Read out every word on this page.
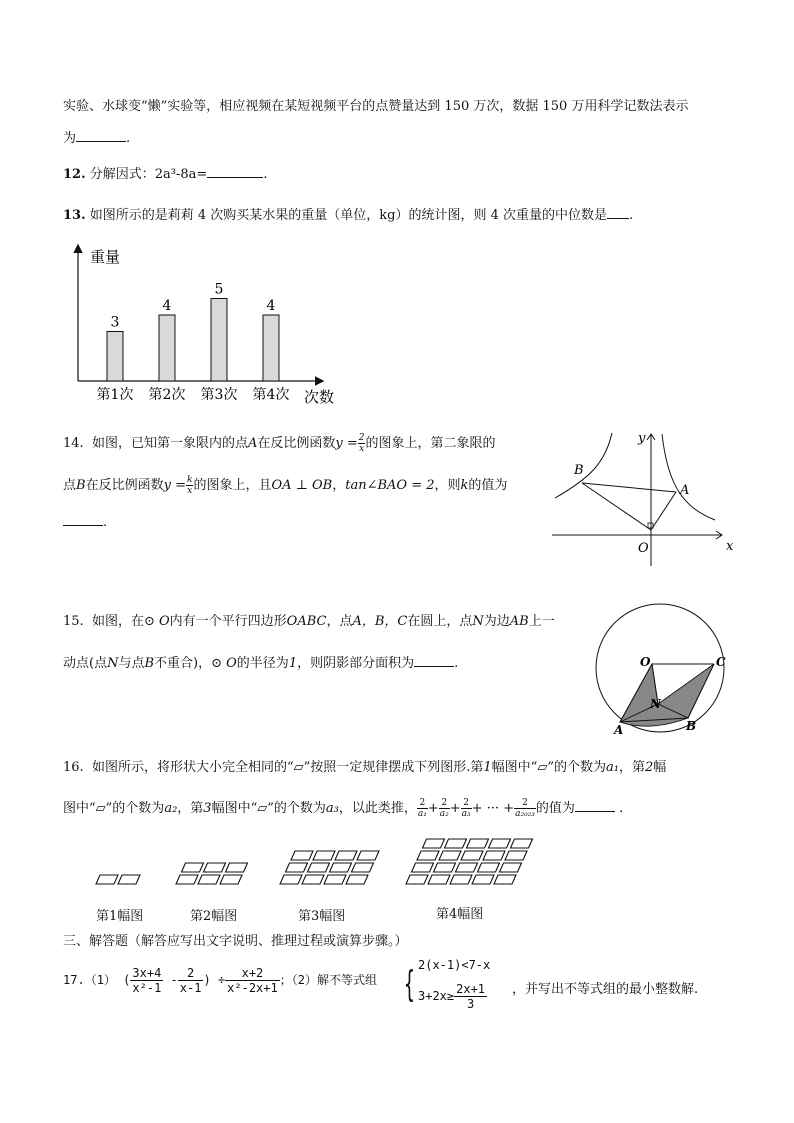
实验、水球变“懒”实验等，相应视频在某短视频平台的点赞量达到 150 万次，数据 150 万用科学记数法表示
为	.
12. 分解因式：2a³-8a=	.
13. 如图所示的是莉莉 4 次购买某水果的重量（单位，kg）的统计图，则 4 次重量的中位数是 .
重量
次数
3
第1次
4
第2次
5
第3次
4
第4次
14. 如图，已知第一象限内的点A在反比例函数$y = \frac{2}{x}$ 的图象上，第二象限的
点B在反比例函数$y = \frac{k}{x}$ 的图象上，且OA ⊥ OB，tan∠BAO = 2，则k的值为
.
x
y
O
B
A
15. 如图，在⊙ O内有一个平行四边形OABC，点A，B，C在圆上，点N为边AB上一
动点(点N与点B不重合)，⊙ O的半径为1，则阴影部分面积为	.	O	C
N
A	B
16. 如图所示，将形状大小完全相同的“▱”按照一定规律摆成下列图形.第1幅图中“▱”的个数为a₁，第2幅
图中“▱”的个数为a₂，第3幅图中“▱”的个数为a₃，以此类推， $\frac{2}{\text{a₁}} + \frac{2}{\text{a₂}} + \frac{2}{\text{a₃}}$ + ··· + $\frac{2}{\text{a₂₀₂₃}}$ 的值为	.
第1幅图	第2幅图	第3幅图	第4幅图
三、解答题（解答应写出文字说明、推理过程或演算步骤。）
17.（1） ( $\frac{3x+4}{\text{x²-1}} - \frac{2}{x-1}$ ) ÷ $\frac{x+2}{\text{x²-2x+1}}$ ；（2）解不等式组 { 2(x-1)<7-x
$3+2x\ge \frac{2x+1}{3}$ ，并写出不等式组的最小整数解.
